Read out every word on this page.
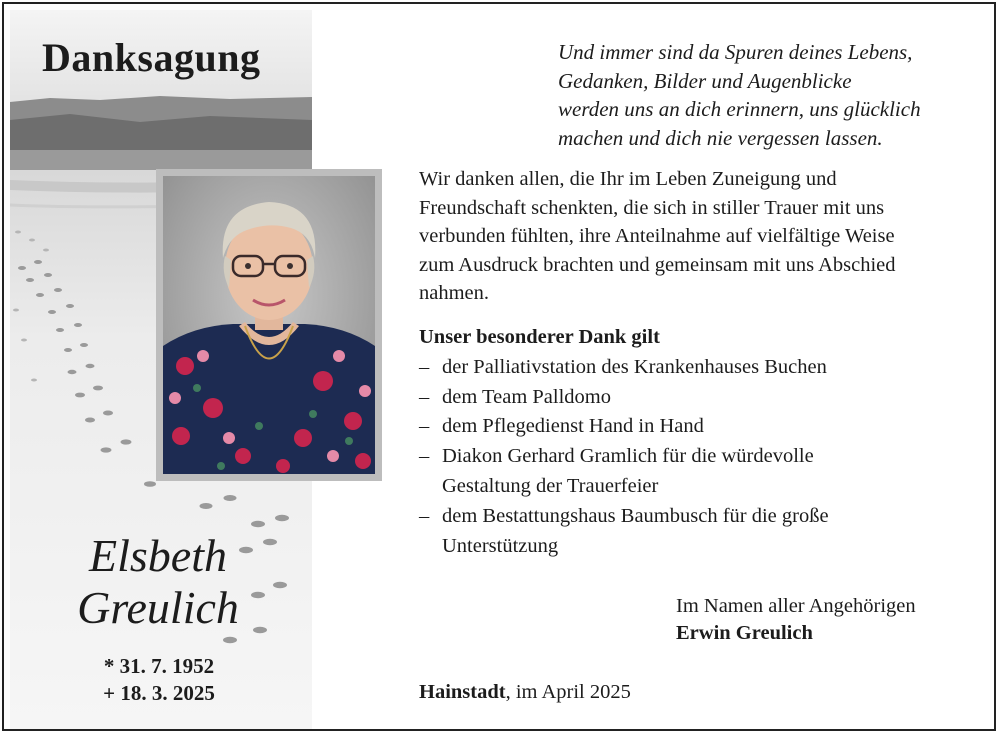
Danksagung
Elsbeth
Greulich
* 31. 7. 1952
+ 18. 3. 2025
Und immer sind da Spuren deines Lebens,
Gedanken, Bilder und Augenblicke
werden uns an dich erinnern, uns glücklich
machen und dich nie vergessen lassen.
Wir danken allen, die Ihr im Leben Zuneigung und
Freundschaft schenkten, die sich in stiller Trauer mit uns
verbunden fühlten, ihre Anteilnahme auf vielfältige Weise
zum Ausdruck brachten und gemeinsam mit uns Abschied
nahmen.
Unser besonderer Dank gilt
– der Palliativstation des Krankenhauses Buchen
– dem Team Palldomo
– dem Pflegedienst Hand in Hand
– Diakon Gerhard Gramlich für die würdevolle
Gestaltung der Trauerfeier
– dem Bestattungshaus Baumbusch für die große
Unterstützung
Im Namen aller Angehörigen
Erwin Greulich
Hainstadt, im April 2025
